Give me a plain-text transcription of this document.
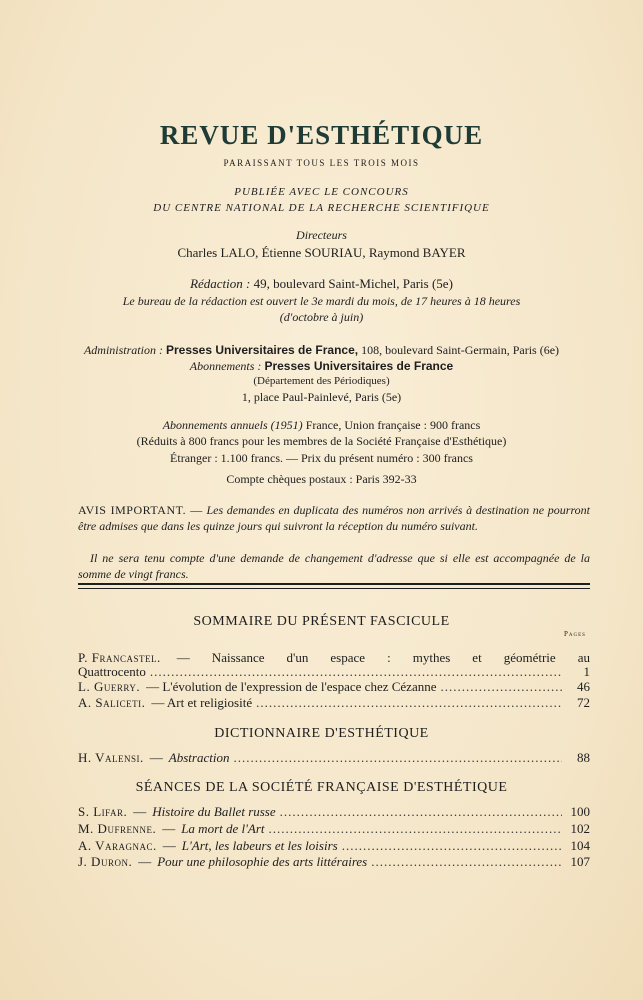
REVUE D'ESTHÉTIQUE
PARAISSANT TOUS LES TROIS MOIS
PUBLIÉE AVEC LE CONCOURS
DU CENTRE NATIONAL DE LA RECHERCHE SCIENTIFIQUE
Directeurs
Charles LALO, Étienne SOURIAU, Raymond BAYER
Rédaction : 49, boulevard Saint-Michel, Paris (5e)
Le bureau de la rédaction est ouvert le 3e mardi du mois, de 17 heures à 18 heures
(d'octobre à juin)
Administration : Presses Universitaires de France, 108, boulevard Saint-Germain, Paris (6e)
Abonnements : Presses Universitaires de France
(Département des Périodiques)
1, place Paul-Painlevé, Paris (5e)
Abonnements annuels (1951) France, Union française : 900 francs
(Réduits à 800 francs pour les membres de la Société Française d'Esthétique)
Étranger : 1.100 francs. — Prix du présent numéro : 300 francs
Compte chèques postaux : Paris 392-33
AVIS IMPORTANT. — Les demandes en duplicata des numéros non arrivés à destination ne pourront être admises que dans les quinze jours qui suivront la réception du numéro suivant.
Il ne sera tenu compte d'une demande de changement d'adresse que si elle est accompagnée de la somme de vingt francs.
SOMMAIRE DU PRÉSENT FASCICULE
Pages
P. Francastel. — Naissance d'un espace : mythes et géométrie au
Quattrocento .....	1
L. Guerry. — L'évolution de l'expression de l'espace chez Cézanne .....	46
A. Saliceti. — Art et religiosité .....	72
DICTIONNAIRE D'ESTHÉTIQUE
H. Valensi. — Abstraction .....	88
SÉANCES DE LA SOCIÉTÉ FRANÇAISE D'ESTHÉTIQUE
S. Lifar. — Histoire du Ballet russe .....	100
M. Dufrenne. — La mort de l'Art .....	102
A. Varagnac. — L'Art, les labeurs et les loisirs .....	104
J. Duron. — Pour une philosophie des arts littéraires .....	107
